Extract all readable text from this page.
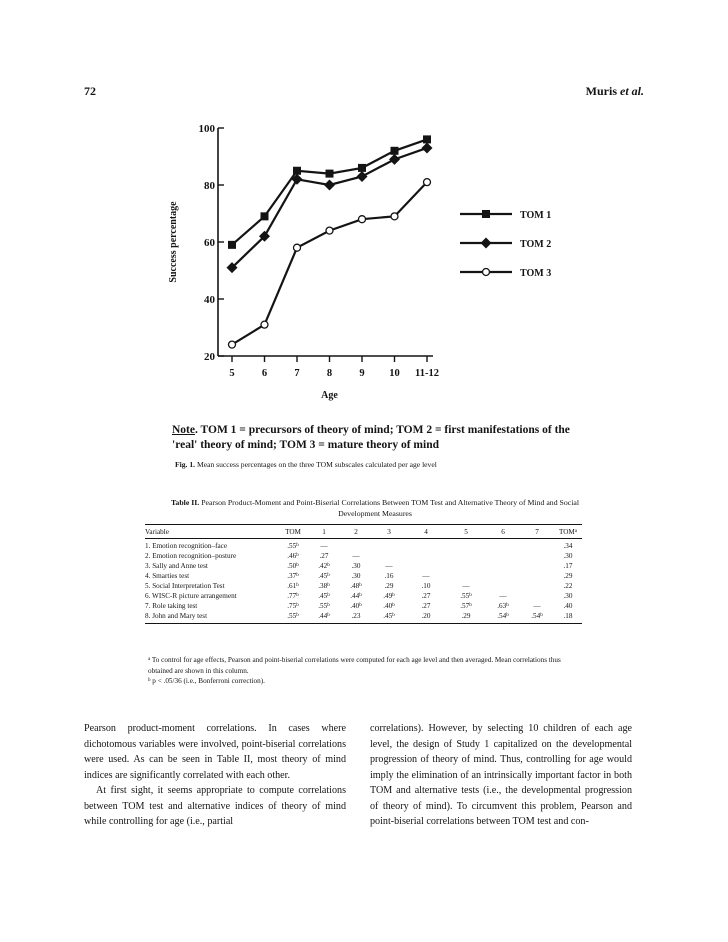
72	Muris et al.
20
40
60
80
100
5	6	7	8	9 10 11-12
Success percentage
Age
TOM 1
TOM 2
TOM 3
Note. TOM 1 = precursors of theory of mind; TOM 2 = first manifestations of the 'real' theory of mind; TOM 3 = mature theory of mind
Fig. 1. Mean success percentages on the three TOM subscales calculated per age level
Table II. Pearson Product-Moment and Point-Biserial Correlations Between TOM Test and Alternative Theory of Mind and Social Development Measures
Variable	TOM	1	2	3	4	5	6	7	TOM$^a$
1. Emotion recognition–face	.55$^b$	—							.34
2. Emotion recognition–posture	.46$^b$	.27	—						.30
3. Sally and Anne test	.50$^b$	.42$^b$	.30	—					.17
4. Smarties test	.37$^b$	.45$^b$	.30	.16	—				.29
5. Social Interpretation Test	.61$^b$	.38$^b$	.48$^b$	.29	.10	—			.22
6. WISC-R picture arrangement	.77$^b$	.45$^b$	.44$^b$	.49$^b$	.27	.55$^b$	—		.30
7. Role taking test	.75$^b$	.55$^b$	.40$^b$	.40$^b$	.27	.57$^b$	.63$^b$	—	.40
8. John and Mary test	.55$^b$	.44$^b$	.23	.45$^b$	.20	.29	.54$^b$	.54$^b$	.18
$^a$ To control for age effects, Pearson and point-biserial correlations were computed for each age level and then averaged. Mean correlations thus obtained are shown in this column.
$^b$ p < .05/36 (i.e., Bonferroni correction).

Pearson product-moment correlations. In cases where dichotomous variables were involved, point-biserial correlations were used. As can be seen in Table II, most theory of mind indices are significantly correlated with each other.

At first sight, it seems appropriate to compute correlations between TOM test and alternative indices of theory of mind while controlling for age (i.e., partial

correlations). However, by selecting 10 children of each age level, the design of Study 1 capitalized on the developmental progression of theory of mind. Thus, controlling for age would imply the elimination of an intrinsically important factor in both TOM and alternative tests (i.e., the developmental progression of theory of mind). To circumvent this problem, Pearson and point-biserial correlations between TOM test and con-
